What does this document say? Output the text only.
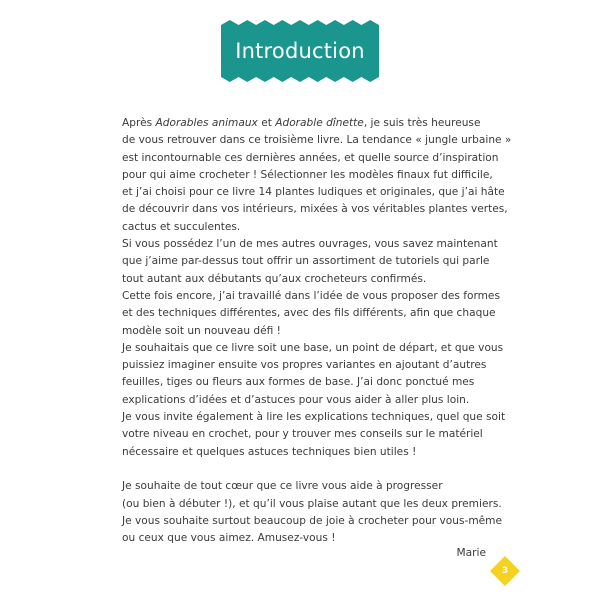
Introduction
Après Adorables animaux et Adorable dînette, je suis très heureuse
de vous retrouver dans ce troisième livre. La tendance « jungle urbaine »
est incontournable ces dernières années, et quelle source d’inspiration
pour qui aime crocheter ! Sélectionner les modèles finaux fut difficile,
et j’ai choisi pour ce livre 14 plantes ludiques et originales, que j’ai hâte
de découvrir dans vos intérieurs, mixées à vos véritables plantes vertes,
cactus et succulentes.
Si vous possédez l’un de mes autres ouvrages, vous savez maintenant
que j’aime par-dessus tout offrir un assortiment de tutoriels qui parle
tout autant aux débutants qu’aux crocheteurs confirmés.
Cette fois encore, j’ai travaillé dans l’idée de vous proposer des formes
et des techniques différentes, avec des fils différents, afin que chaque
modèle soit un nouveau défi !
Je souhaitais que ce livre soit une base, un point de départ, et que vous
puissiez imaginer ensuite vos propres variantes en ajoutant d’autres
feuilles, tiges ou fleurs aux formes de base. J’ai donc ponctué mes
explications d’idées et d’astuces pour vous aider à aller plus loin.
Je vous invite également à lire les explications techniques, quel que soit
votre niveau en crochet, pour y trouver mes conseils sur le matériel
nécessaire et quelques astuces techniques bien utiles !
Je souhaite de tout cœur que ce livre vous aide à progresser
(ou bien à débuter !), et qu’il vous plaise autant que les deux premiers.
Je vous souhaite surtout beaucoup de joie à crocheter pour vous-même
ou ceux que vous aimez. Amusez-vous !
Marie
3
